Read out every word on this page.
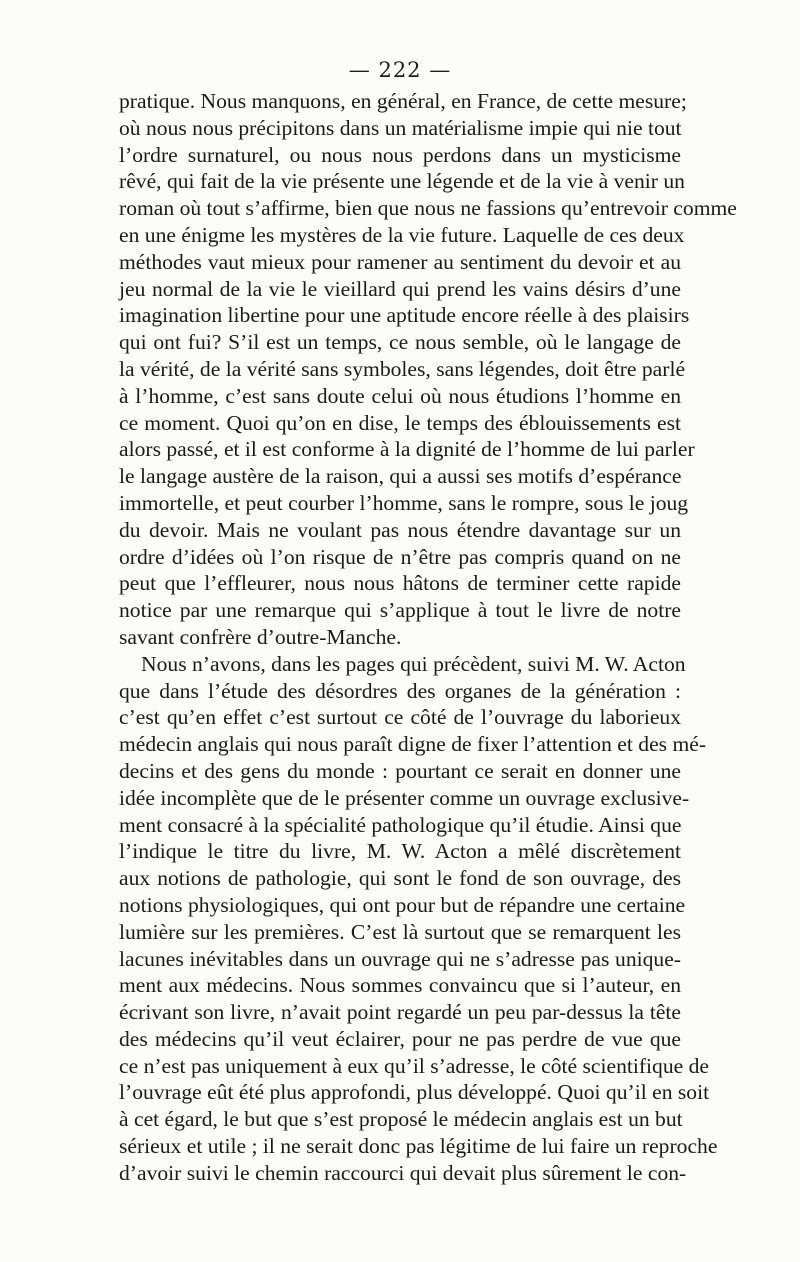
— 222 —
pratique. Nous manquons, en général, en France, de cette mesure;
où nous nous précipitons dans un matérialisme impie qui nie tout
l’ordre surnaturel, ou nous nous perdons dans un mysticisme
rêvé, qui fait de la vie présente une légende et de la vie à venir un
roman où tout s’affirme, bien que nous ne fassions qu’entrevoir comme
en une énigme les mystères de la vie future. Laquelle de ces deux
méthodes vaut mieux pour ramener au sentiment du devoir et au
jeu normal de la vie le vieillard qui prend les vains désirs d’une
imagination libertine pour une aptitude encore réelle à des plaisirs
qui ont fui? S’il est un temps, ce nous semble, où le langage de
la vérité, de la vérité sans symboles, sans légendes, doit être parlé
à l’homme, c’est sans doute celui où nous étudions l’homme en
ce moment. Quoi qu’on en dise, le temps des éblouissements est
alors passé, et il est conforme à la dignité de l’homme de lui parler
le langage austère de la raison, qui a aussi ses motifs d’espérance
immortelle, et peut courber l’homme, sans le rompre, sous le joug
du devoir. Mais ne voulant pas nous étendre davantage sur un
ordre d’idées où l’on risque de n’être pas compris quand on ne
peut que l’effleurer, nous nous hâtons de terminer cette rapide
notice par une remarque qui s’applique à tout le livre de notre
savant confrère d’outre-Manche.
Nous n’avons, dans les pages qui précèdent, suivi M. W. Acton
que dans l’étude des désordres des organes de la génération :
c’est qu’en effet c’est surtout ce côté de l’ouvrage du laborieux
médecin anglais qui nous paraît digne de fixer l’attention et des mé-
decins et des gens du monde : pourtant ce serait en donner une
idée incomplète que de le présenter comme un ouvrage exclusive-
ment consacré à la spécialité pathologique qu’il étudie. Ainsi que
l’indique le titre du livre, M. W. Acton a mêlé discrètement
aux notions de pathologie, qui sont le fond de son ouvrage, des
notions physiologiques, qui ont pour but de répandre une certaine
lumière sur les premières. C’est là surtout que se remarquent les
lacunes inévitables dans un ouvrage qui ne s’adresse pas unique-
ment aux médecins. Nous sommes convaincu que si l’auteur, en
écrivant son livre, n’avait point regardé un peu par-dessus la tête
des médecins qu’il veut éclairer, pour ne pas perdre de vue que
ce n’est pas uniquement à eux qu’il s’adresse, le côté scientifique de
l’ouvrage eût été plus approfondi, plus développé. Quoi qu’il en soit
à cet égard, le but que s’est proposé le médecin anglais est un but
sérieux et utile ; il ne serait donc pas légitime de lui faire un reproche
d’avoir suivi le chemin raccourci qui devait plus sûrement le con-
